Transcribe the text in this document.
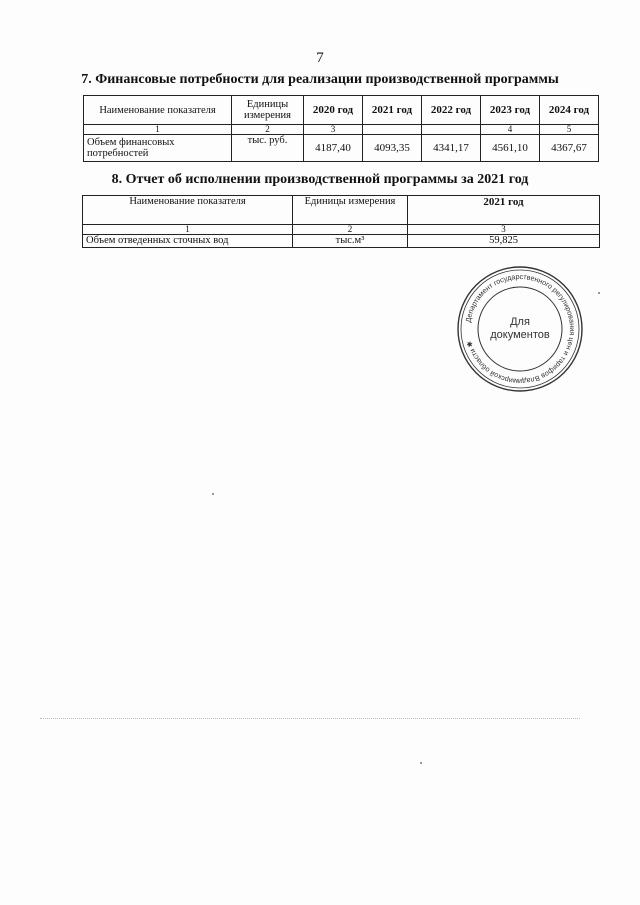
7
7. Финансовые потребности для реализации производственной программы
Наименование показателя	Единицы измерения	2020 год	2021 год	2022 год	2023 год	2024 год
1	2	3			4	5
Объем финансовых потребностей	тыс. руб.	4187,40	4093,35	4341,17	4561,10	4367,67
8. Отчет об исполнении производственной программы за 2021 год
Наименование показателя	Единицы измерения	2021 год
1	2	3
Объем отведенных сточных вод	тыс.м³	59,825
Департамент государственного регулирования цен и тарифов Владимирской области ✱
Для
документов
